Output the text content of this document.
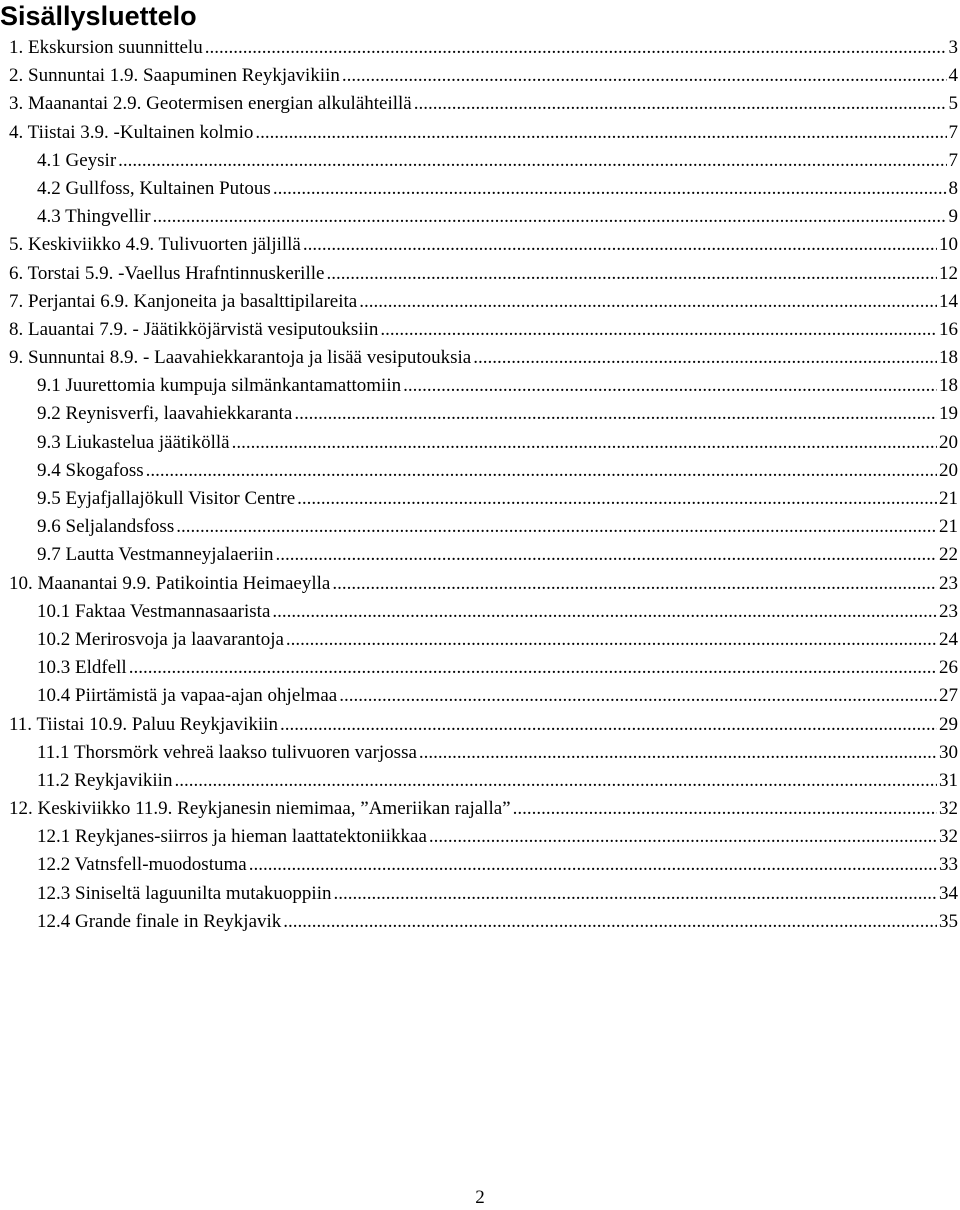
Sisällysluettelo
1. Ekskursion suunnittelu .....	3
2. Sunnuntai 1.9. Saapuminen Reykjavikiin .....	4
3. Maanantai 2.9. Geotermisen energian alkulähteillä .....	5
4. Tiistai 3.9. -Kultainen kolmio .....	7
4.1 Geysir .....	7
4.2 Gullfoss, Kultainen Putous .....	8
4.3 Thingvellir .....	9
5. Keskiviikko 4.9. Tulivuorten jäljillä .....	10
6. Torstai 5.9. -Vaellus Hrafntinnuskerille .....	12
7. Perjantai 6.9. Kanjoneita ja basalttipilareita .....	14
8. Lauantai 7.9. - Jäätikköjärvistä vesiputouksiin .....	16
9. Sunnuntai 8.9. - Laavahiekkarantoja ja lisää vesiputouksia .....	18
9.1 Juurettomia kumpuja silmänkantamattomiin .....	18
9.2 Reynisverfi, laavahiekkaranta .....	19
9.3 Liukastelua jäätiköllä .....	20
9.4 Skogafoss .....	20
9.5 Eyjafjallajökull Visitor Centre .....	21
9.6 Seljalandsfoss .....	21
9.7 Lautta Vestmanneyjalaeriin .....	22
10. Maanantai 9.9. Patikointia Heimaeylla .....	23
10.1 Faktaa Vestmannasaarista .....	23
10.2 Merirosvoja ja laavarantoja .....	24
10.3 Eldfell .....	26
10.4 Piirtämistä ja vapaa-ajan ohjelmaa .....	27
11. Tiistai 10.9. Paluu Reykjavikiin .....	29
11.1 Thorsmörk vehreä laakso tulivuoren varjossa .....	30
11.2 Reykjavikiin .....	31
12. Keskiviikko 11.9. Reykjanesin niemimaa, ”Ameriikan rajalla” .....	32
12.1 Reykjanes-siirros ja hieman laattatektoniikkaa .....	32
12.2 Vatnsfell-muodostuma .....	33
12.3 Siniseltä laguunilta mutakuoppiin .....	34
12.4 Grande finale in Reykjavik .....	35
2
